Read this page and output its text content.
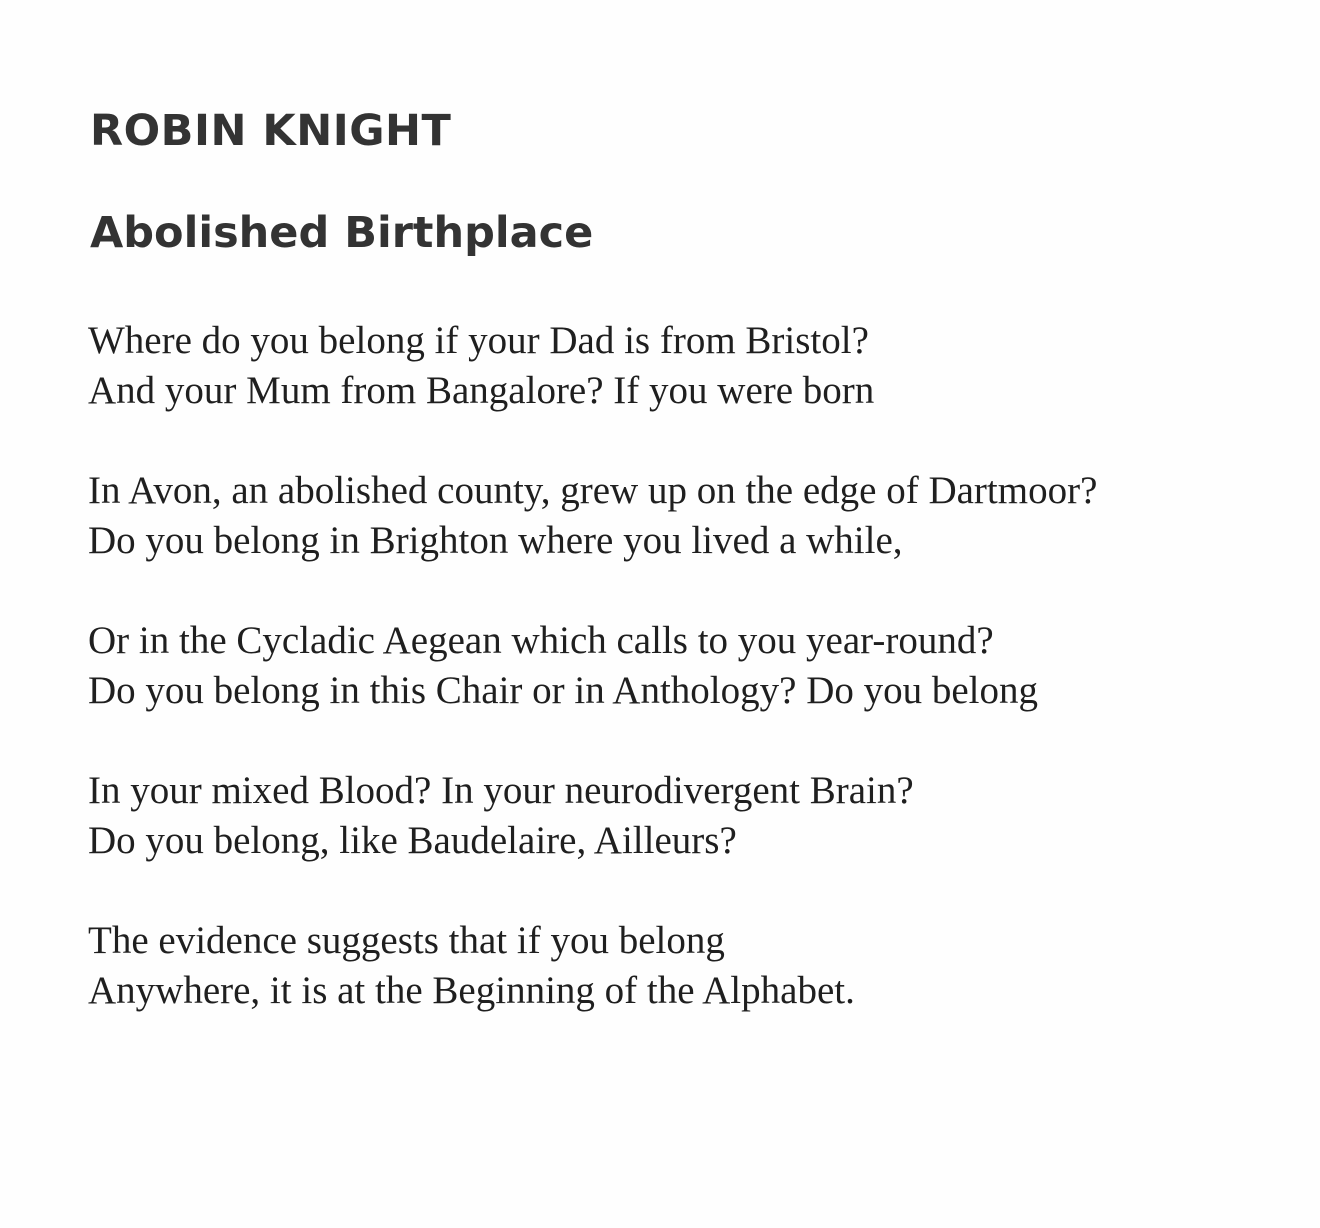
ROBIN KNIGHT
Abolished Birthplace
Where do you belong if your Dad is from Bristol?
And your Mum from Bangalore? If you were born
In Avon, an abolished county, grew up on the edge of Dartmoor?
Do you belong in Brighton where you lived a while,
Or in the Cycladic Aegean which calls to you year-round?
Do you belong in this Chair or in Anthology? Do you belong
In your mixed Blood? In your neurodivergent Brain?
Do you belong, like Baudelaire, Ailleurs?
The evidence suggests that if you belong
Anywhere, it is at the Beginning of the Alphabet.
